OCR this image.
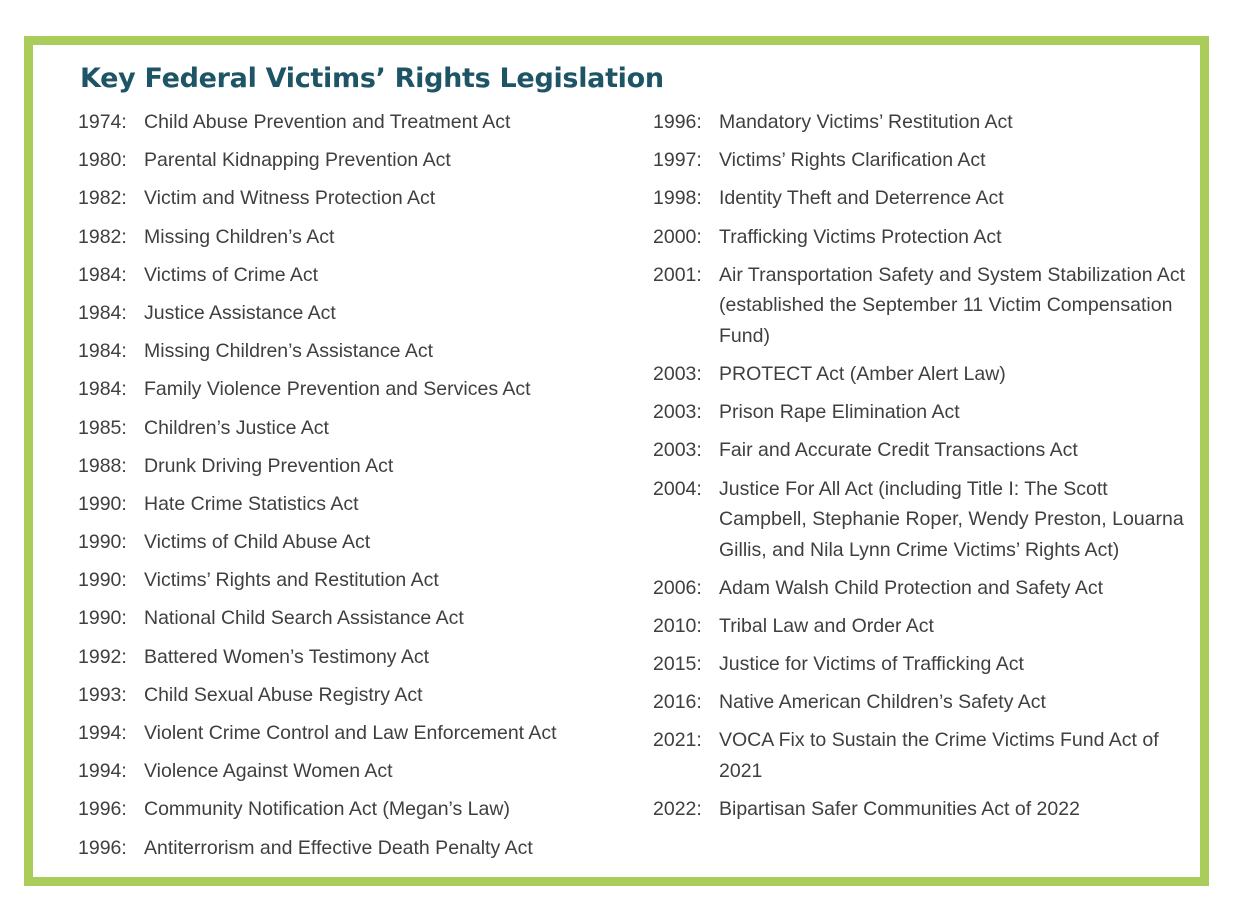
Key Federal Victims’ Rights Legislation
1974: Child Abuse Prevention and Treatment Act
1980: Parental Kidnapping Prevention Act
1982: Victim and Witness Protection Act
1982: Missing Children’s Act
1984: Victims of Crime Act
1984: Justice Assistance Act
1984: Missing Children’s Assistance Act
1984: Family Violence Prevention and Services Act
1985: Children’s Justice Act
1988: Drunk Driving Prevention Act
1990: Hate Crime Statistics Act
1990: Victims of Child Abuse Act
1990: Victims’ Rights and Restitution Act
1990: National Child Search Assistance Act
1992: Battered Women’s Testimony Act
1993: Child Sexual Abuse Registry Act
1994: Violent Crime Control and Law Enforcement Act
1994: Violence Against Women Act
1996: Community Notification Act (Megan’s Law)
1996: Antiterrorism and Effective Death Penalty Act
1996: Mandatory Victims’ Restitution Act
1997: Victims’ Rights Clarification Act
1998: Identity Theft and Deterrence Act
2000: Trafficking Victims Protection Act
2001: Air Transportation Safety and System Stabilization Act (established the September 11 Victim Compensation Fund)
2003: PROTECT Act (Amber Alert Law)
2003: Prison Rape Elimination Act
2003: Fair and Accurate Credit Transactions Act
2004: Justice For All Act (including Title I: The Scott Campbell, Stephanie Roper, Wendy Preston, Louarna Gillis, and Nila Lynn Crime Victims’ Rights Act)
2006: Adam Walsh Child Protection and Safety Act
2010: Tribal Law and Order Act
2015: Justice for Victims of Trafficking Act
2016: Native American Children’s Safety Act
2021: VOCA Fix to Sustain the Crime Victims Fund Act of 2021
2022: Bipartisan Safer Communities Act of 2022
